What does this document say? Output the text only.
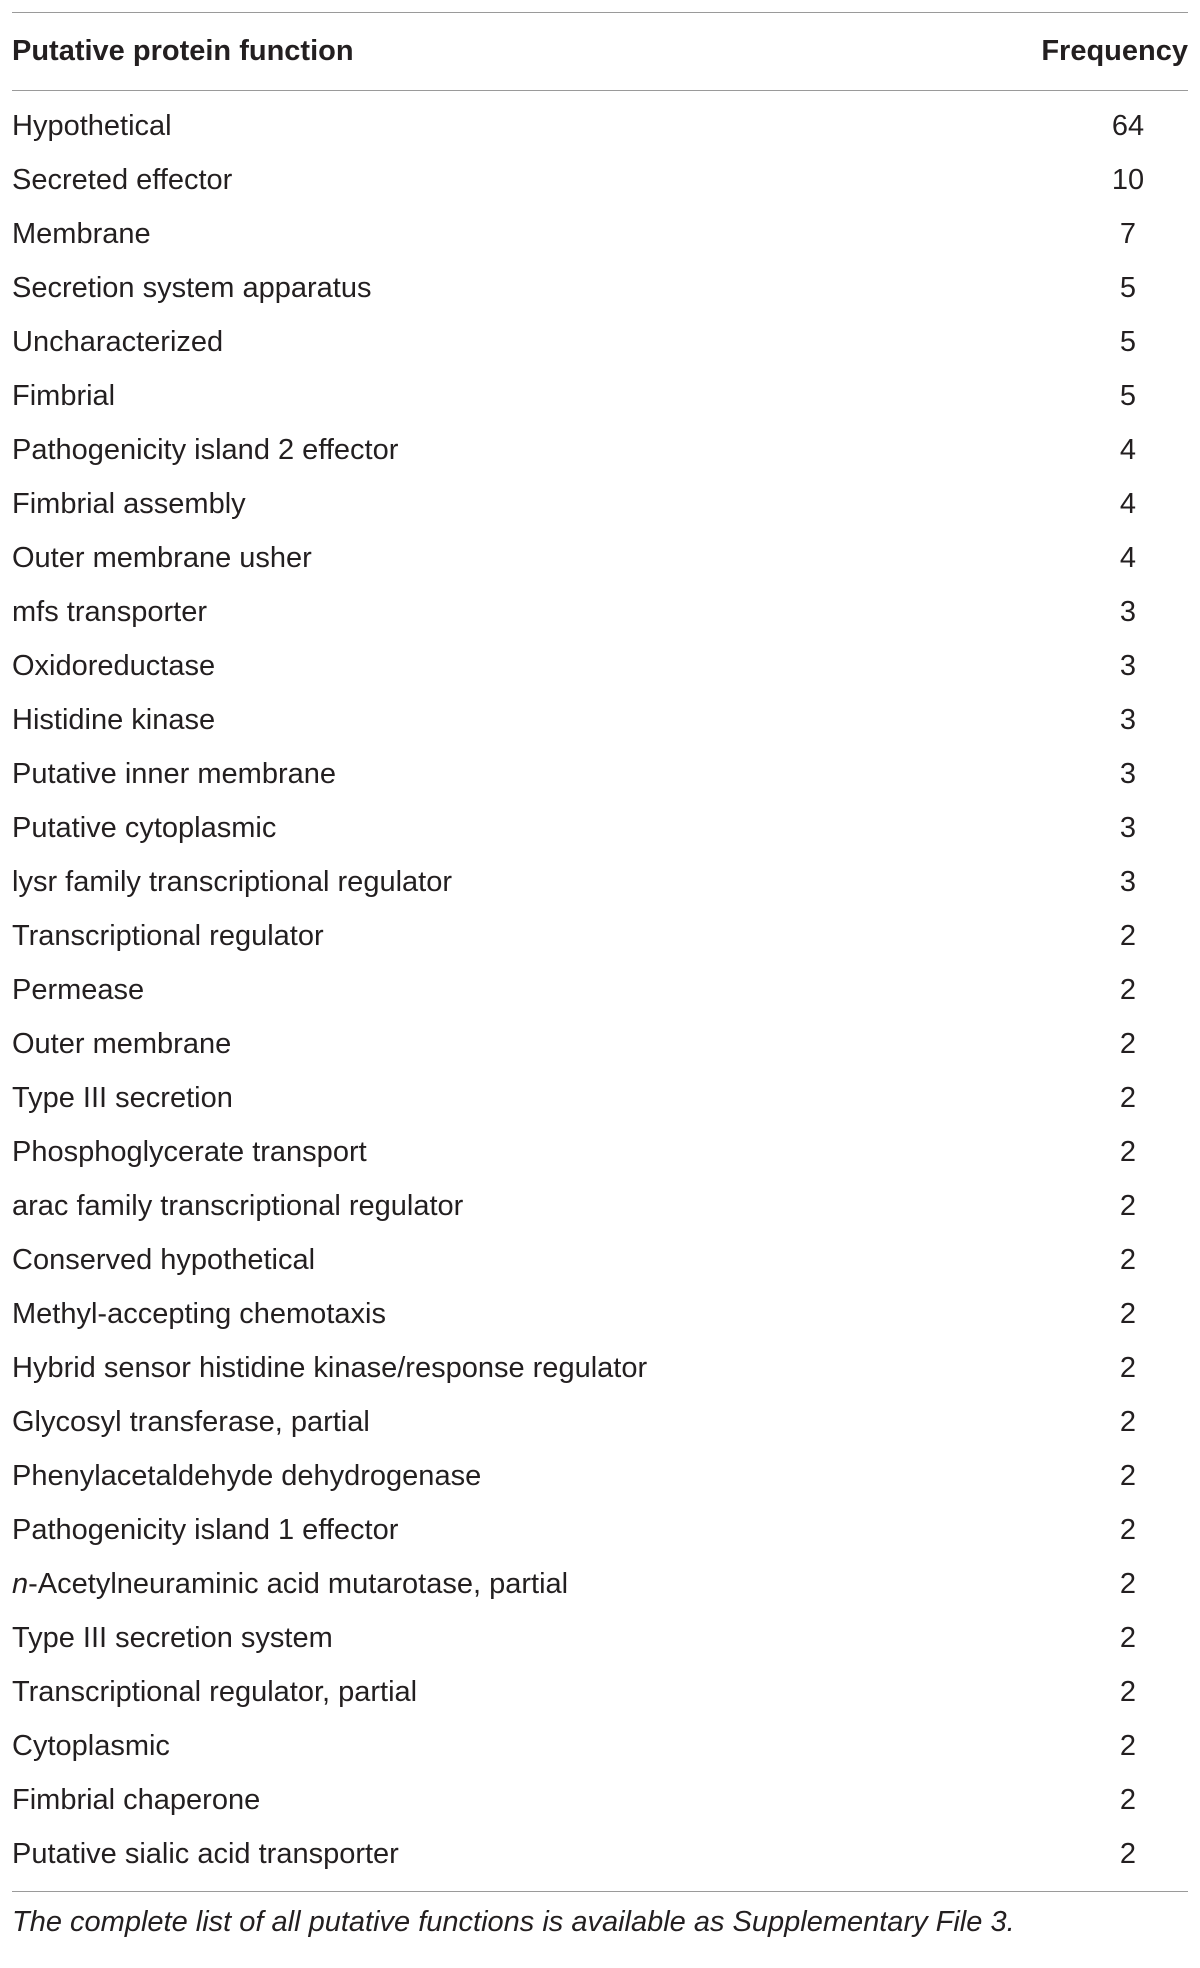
Putative protein function	Frequency
Hypothetical	64
Secreted effector	10
Membrane	7
Secretion system apparatus	5
Uncharacterized	5
Fimbrial	5
Pathogenicity island 2 effector	4
Fimbrial assembly	4
Outer membrane usher	4
mfs transporter	3
Oxidoreductase	3
Histidine kinase	3
Putative inner membrane	3
Putative cytoplasmic	3
lysr family transcriptional regulator	3
Transcriptional regulator	2
Permease	2
Outer membrane	2
Type III secretion	2
Phosphoglycerate transport	2
arac family transcriptional regulator	2
Conserved hypothetical	2
Methyl-accepting chemotaxis	2
Hybrid sensor histidine kinase/response regulator	2
Glycosyl transferase, partial	2
Phenylacetaldehyde dehydrogenase	2
Pathogenicity island 1 effector	2
n-Acetylneuraminic acid mutarotase, partial	2
Type III secretion system	2
Transcriptional regulator, partial	2
Cytoplasmic	2
Fimbrial chaperone	2
Putative sialic acid transporter	2
The complete list of all putative functions is available as Supplementary File 3.
